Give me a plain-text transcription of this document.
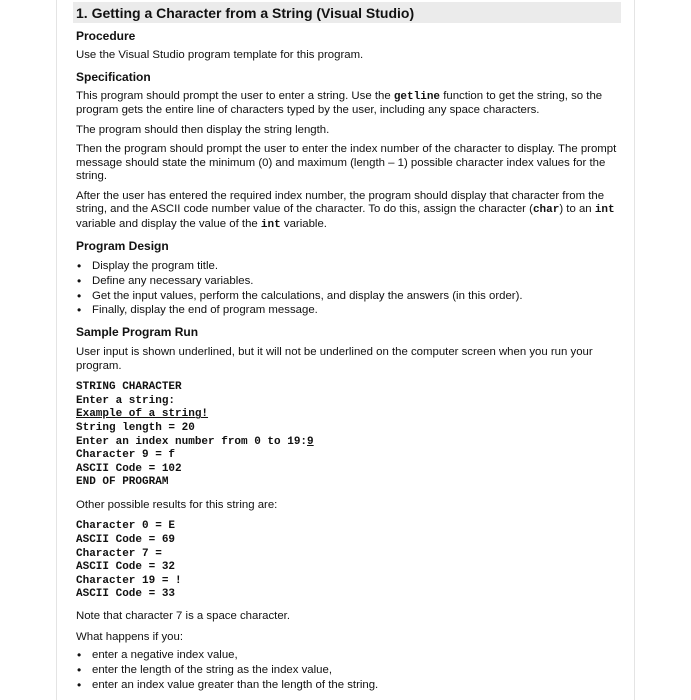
1. Getting a Character from a String (Visual Studio)
Procedure
Use the Visual Studio program template for this program.
Specification
This program should prompt the user to enter a string. Use the getline function to get the string, so the program gets the entire line of characters typed by the user, including any space characters.
The program should then display the string length.
Then the program should prompt the user to enter the index number of the character to display. The prompt message should state the minimum (0) and maximum (length – 1) possible character index values for the string.
After the user has entered the required index number, the program should display that character from the string, and the ASCII code number value of the character. To do this, assign the character (char) to an int variable and display the value of the int variable.
Program Design
• Display the program title.
• Define any necessary variables.
• Get the input values, perform the calculations, and display the answers (in this order).
• Finally, display the end of program message.
Sample Program Run
User input is shown underlined, but it will not be underlined on the computer screen when you run your program.
STRING CHARACTER
Enter a string:
Example of a string!
String length = 20
Enter an index number from 0 to 19:9
Character 9 = f
ASCII Code = 102
END OF PROGRAM
Other possible results for this string are:
Character 0 = E
ASCII Code = 69
Character 7 =
ASCII Code = 32
Character 19 = !
ASCII Code = 33
Note that character 7 is a space character.
What happens if you:
• enter a negative index value,
• enter the length of the string as the index value,
• enter an index value greater than the length of the string.
